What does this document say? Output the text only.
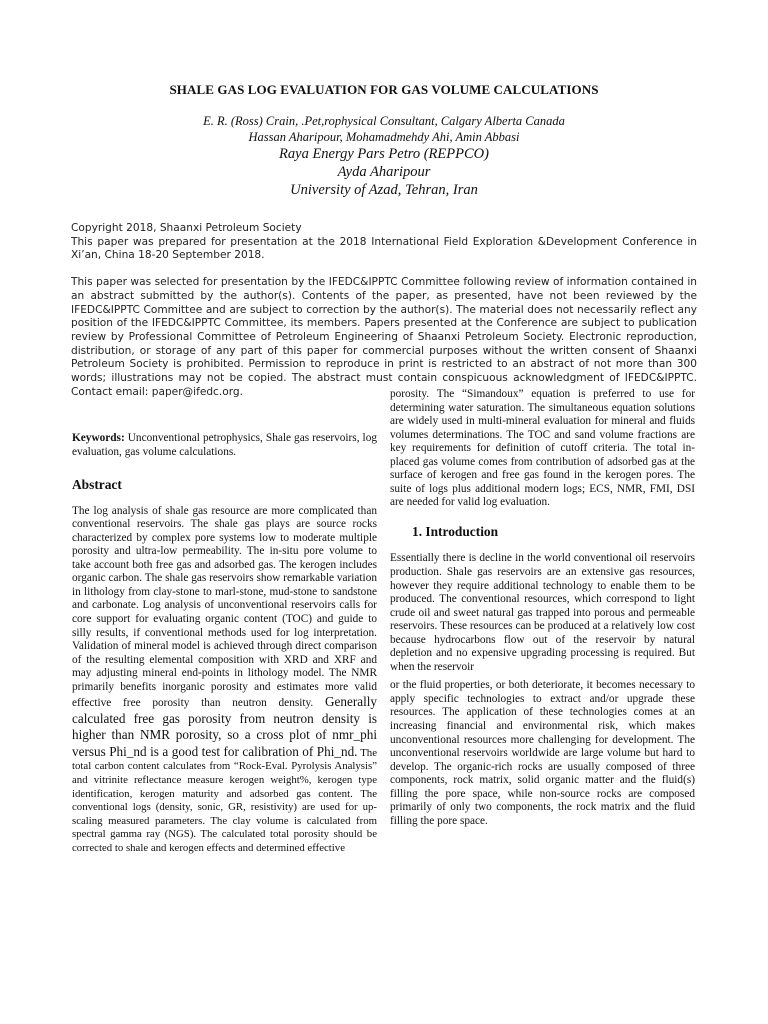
SHALE GAS LOG EVALUATION FOR GAS VOLUME CALCULATIONS
E. R. (Ross) Crain, .Pet,rophysical Consultant, Calgary Alberta Canada
Hassan Aharipour, Mohamadmehdy Ahi, Amin Abbasi
Raya Energy Pars Petro (REPPCO)
Ayda Aharipour
University of Azad, Tehran, Iran

Copyright 2018, Shaanxi Petroleum Society

This paper was prepared for presentation at the 2018 International Field Exploration &Development Conference in Xi’an, China 18-20 September 2018.

This paper was selected for presentation by the IFEDC&IPPTC Committee following review of information contained in an abstract submitted by the author(s). Contents of the paper, as presented, have not been reviewed by the IFEDC&IPPTC Committee and are subject to correction by the author(s). The material does not necessarily reflect any position of the IFEDC&IPPTC Committee, its members. Papers presented at the Conference are subject to publication review by Professional Committee of Petroleum Engineering of Shaanxi Petroleum Society. Electronic reproduction, distribution, or storage of any part of this paper for commercial purposes without the written consent of Shaanxi Petroleum Society is prohibited. Permission to reproduce in print is restricted to an abstract of not more than 300 words; illustrations may not be copied. The abstract must contain conspicuous acknowledgment of IFEDC&IPPTC. Contact email: paper@ifedc.org.

Keywords: Unconventional petrophysics, Shale gas reservoirs, log evaluation, gas volume calculations.

Abstract

The log analysis of shale gas resource are more complicated than conventional reservoirs. The shale gas plays are source rocks characterized by complex pore systems low to moderate multiple porosity and ultra-low permeability. The in-situ pore volume to take account both free gas and adsorbed gas. The kerogen includes organic carbon. The shale gas reservoirs show remarkable variation in lithology from clay-stone to marl-stone, mud-stone to sandstone and carbonate. Log analysis of unconventional reservoirs calls for core support for evaluating organic content (TOC) and guide to silly results, if conventional methods used for log interpretation. Validation of mineral model is achieved through direct comparison of the resulting elemental composition with XRD and XRF and may adjusting mineral end-points in lithology model. The NMR primarily benefits inorganic porosity and estimates more valid effective free porosity than neutron density. Generally calculated free gas porosity from neutron density is higher than NMR porosity, so a cross plot of nmr_phi versus Phi_nd is a good test for calibration of Phi_nd. The total carbon content calculates from “Rock-Eval. Pyrolysis Analysis” and vitrinite reflectance measure kerogen weight%, kerogen type identification, kerogen maturity and adsorbed gas content. The conventional logs (density, sonic, GR, resistivity) are used for up-scaling measured parameters. The clay volume is calculated from spectral gamma ray (NGS). The calculated total porosity should be corrected to shale and kerogen effects and determined effective

porosity. The “Simandoux” equation is preferred to use for determining water saturation. The simultaneous equation solutions are widely used in multi-mineral evaluation for mineral and fluids volumes determinations. The TOC and sand volume fractions are key requirements for definition of cutoff criteria. The total in-placed gas volume comes from contribution of adsorbed gas at the surface of kerogen and free gas found in the kerogen pores. The suite of logs plus additional modern logs; ECS, NMR, FMI, DSI are needed for valid log evaluation.

1. Introduction

Essentially there is decline in the world conventional oil reservoirs production. Shale gas reservoirs are an extensive gas resources, however they require additional technology to enable them to be produced. The conventional resources, which correspond to light crude oil and sweet natural gas trapped into porous and permeable reservoirs. These resources can be produced at a relatively low cost because hydrocarbons flow out of the reservoir by natural depletion and no expensive upgrading processing is required. But when the reservoir

or the fluid properties, or both deteriorate, it becomes necessary to apply specific technologies to extract and/or upgrade these resources. The application of these technologies comes at an increasing financial and environmental risk, which makes unconventional resources more challenging for development. The unconventional reservoirs worldwide are large volume but hard to develop. The organic-rich rocks are usually composed of three components, rock matrix, solid organic matter and the fluid(s) filling the pore space, while non-source rocks are composed primarily of only two components, the rock matrix and the fluid filling the pore space.
